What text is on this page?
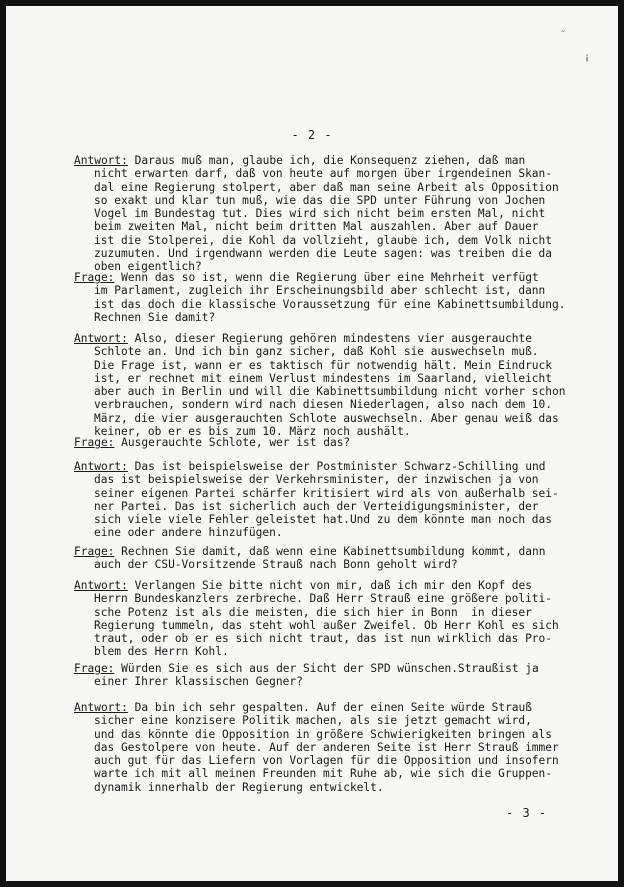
˜
¡
- 2 -
Antwort: Daraus muß man, glaube ich, die Konsequenz ziehen, daß man
nicht erwarten darf, daß von heute auf morgen über irgendeinen Skan-
dal eine Regierung stolpert, aber daß man seine Arbeit als Opposition
so exakt und klar tun muß, wie das die SPD unter Führung von Jochen
Vogel im Bundestag tut. Dies wird sich nicht beim ersten Mal, nicht
beim zweiten Mal, nicht beim dritten Mal auszahlen. Aber auf Dauer
ist die Stolperei, die Kohl da vollzieht, glaube ich, dem Volk nicht
zuzumuten. Und irgendwann werden die Leute sagen: was treiben die da
oben eigentlich?
Frage: Wenn das so ist, wenn die Regierung über eine Mehrheit verfügt
im Parlament, zugleich ihr Erscheinungsbild aber schlecht ist, dann
ist das doch die klassische Voraussetzung für eine Kabinettsumbildung.
Rechnen Sie damit?
Antwort: Also, dieser Regierung gehören mindestens vier ausgerauchte
Schlote an. Und ich bin ganz sicher, daß Kohl sie auswechseln muß.
Die Frage ist, wann er es taktisch für notwendig hält. Mein Eindruck
ist, er rechnet mit einem Verlust mindestens im Saarland, vielleicht
aber auch in Berlin und will die Kabinettsumbildung nicht vorher schon
verbrauchen, sondern wird nach diesen Niederlagen, also nach dem 10.
März, die vier ausgerauchten Schlote auswechseln. Aber genau weiß das
keiner, ob er es bis zum 10. März noch aushält.
Frage: Ausgerauchte Schlote, wer ist das?
Antwort: Das ist beispielsweise der Postminister Schwarz-Schilling und
das ist beispielsweise der Verkehrsminister, der inzwischen ja von
seiner eigenen Partei schärfer kritisiert wird als von außerhalb sei-
ner Partei. Das ist sicherlich auch der Verteidigungsminister, der
sich viele viele Fehler geleistet hat.Und zu dem könnte man noch das
eine oder andere hinzufügen.
Frage: Rechnen Sie damit, daß wenn eine Kabinettsumbildung kommt, dann
auch der CSU-Vorsitzende Strauß nach Bonn geholt wird?
Antwort: Verlangen Sie bitte nicht von mir, daß ich mir den Kopf des
Herrn Bundeskanzlers zerbreche. Daß Herr Strauß eine größere politi-
sche Potenz ist als die meisten, die sich hier in Bonn  in dieser
Regierung tummeln, das steht wohl außer Zweifel. Ob Herr Kohl es sich
traut, oder ob er es sich nicht traut, das ist nun wirklich das Pro-
blem des Herrn Kohl.
Frage: Würden Sie es sich aus der Sicht der SPD wünschen.Straußist ja
einer Ihrer klassischen Gegner?
Antwort: Da bin ich sehr gespalten. Auf der einen Seite würde Strauß
sicher eine konzisere Politik machen, als sie jetzt gemacht wird,
und das könnte die Opposition in größere Schwierigkeiten bringen als
das Gestolpere von heute. Auf der anderen Seite ist Herr Strauß immer
auch gut für das Liefern von Vorlagen für die Opposition und insofern
warte ich mit all meinen Freunden mit Ruhe ab, wie sich die Gruppen-
dynamik innerhalb der Regierung entwickelt.
- 3 -
